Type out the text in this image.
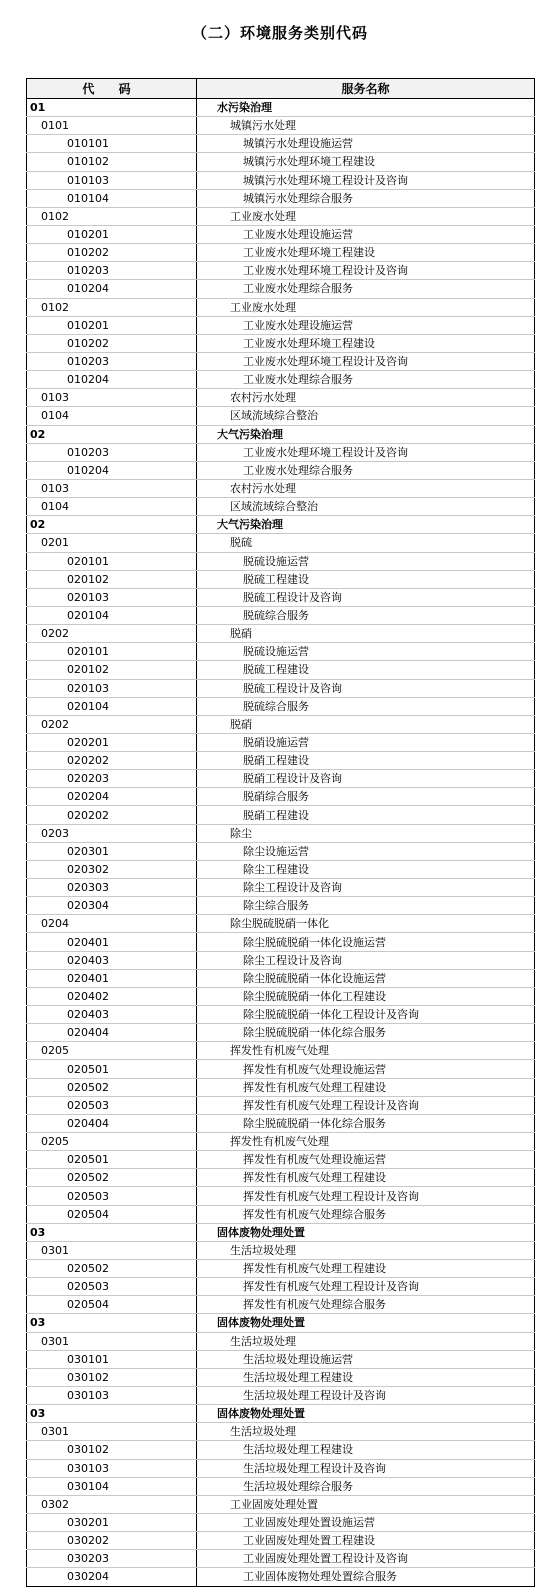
（二）环境服务类别代码
代 码	服务名称
01	水污染治理
0101	城镇污水处理
010101	城镇污水处理设施运营
010102	城镇污水处理环境工程建设
010103	城镇污水处理环境工程设计及咨询
010104	城镇污水处理综合服务
0102	工业废水处理
010201	工业废水处理设施运营
010202	工业废水处理环境工程建设
010203	工业废水处理环境工程设计及咨询
010204	工业废水处理综合服务
0102	工业废水处理
010201	工业废水处理设施运营
010202	工业废水处理环境工程建设
010203	工业废水处理环境工程设计及咨询
010204	工业废水处理综合服务
0103	农村污水处理
0104	区域流域综合整治
02	大气污染治理
010203	工业废水处理环境工程设计及咨询
010204	工业废水处理综合服务
0103	农村污水处理
0104	区域流域综合整治
02	大气污染治理
0201	脱硫
020101	脱硫设施运营
020102	脱硫工程建设
020103	脱硫工程设计及咨询
020104	脱硫综合服务
0202	脱硝
020101	脱硫设施运营
020102	脱硫工程建设
020103	脱硫工程设计及咨询
020104	脱硫综合服务
0202	脱硝
020201	脱硝设施运营
020202	脱硝工程建设
020203	脱硝工程设计及咨询
020204	脱硝综合服务
020202	脱硝工程建设
0203	除尘
020301	除尘设施运营
020302	除尘工程建设
020303	除尘工程设计及咨询
020304	除尘综合服务
0204	除尘脱硫脱硝一体化
020401	除尘脱硫脱硝一体化设施运营
020403	除尘工程设计及咨询
020401	除尘脱硫脱硝一体化设施运营
020402	除尘脱硫脱硝一体化工程建设
020403	除尘脱硫脱硝一体化工程设计及咨询
020404	除尘脱硫脱硝一体化综合服务
0205	挥发性有机废气处理
020501	挥发性有机废气处理设施运营
020502	挥发性有机废气处理工程建设
020503	挥发性有机废气处理工程设计及咨询
020404	除尘脱硫脱硝一体化综合服务
0205	挥发性有机废气处理
020501	挥发性有机废气处理设施运营
020502	挥发性有机废气处理工程建设
020503	挥发性有机废气处理工程设计及咨询
020504	挥发性有机废气处理综合服务
03	固体废物处理处置
0301	生活垃圾处理
020502	挥发性有机废气处理工程建设
020503	挥发性有机废气处理工程设计及咨询
020504	挥发性有机废气处理综合服务
03	固体废物处理处置
0301	生活垃圾处理
030101	生活垃圾处理设施运营
030102	生活垃圾处理工程建设
030103	生活垃圾处理工程设计及咨询
03	固体废物处理处置
0301	生活垃圾处理
030102	生活垃圾处理工程建设
030103	生活垃圾处理工程设计及咨询
030104	生活垃圾处理综合服务
0302	工业固废处理处置
030201	工业固废处理处置设施运营
030202	工业固废处理处置工程建设
030203	工业固废处理处置工程设计及咨询
030204	工业固体废物处理处置综合服务
